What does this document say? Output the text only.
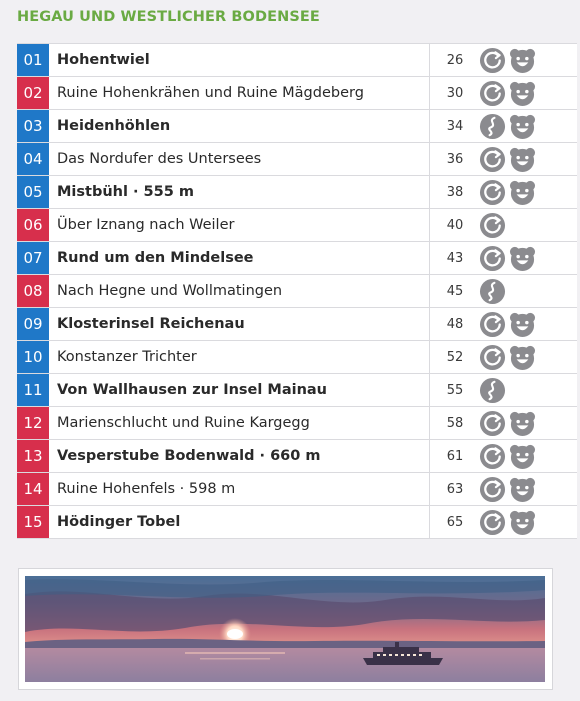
HEGAU UND WESTLICHER BODENSEE
01 Hohentwiel	26
02 Ruine Hohenkrähen und Ruine Mägdeberg	30
03 Heidenhöhlen	34
04 Das Nordufer des Untersees	36
05 Mistbühl · 555 m	38
06 Über Iznang nach Weiler	40
07 Rund um den Mindelsee	43
08 Nach Hegne und Wollmatingen	45
09 Klosterinsel Reichenau	48
10 Konstanzer Trichter	52
11 Von Wallhausen zur Insel Mainau	55
12 Marienschlucht und Ruine Kargegg	58
13 Vesperstube Bodenwald · 660 m	61
14 Ruine Hohenfels · 598 m	63
15 Hödinger Tobel	65
